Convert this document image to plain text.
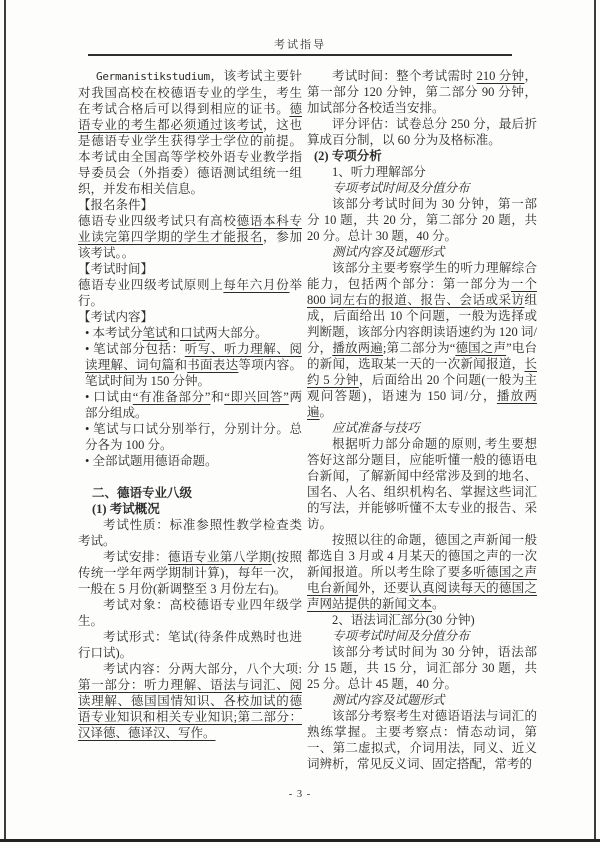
考试指导

Germanistikstudium，该考试主要针对我国高校在校德语专业的学生，考生在考试合格后可以得到相应的证书。德语专业的考生都必须通过该考试，这也是德语专业学生获得学士学位的前提。本考试由全国高等学校外语专业教学指导委员会（外指委）德语测试组统一组织，并发布相关信息。

【报名条件】

德语专业四级考试只有高校德语本科专业读完第四学期的学生才能报名，参加该考试。。

【考试时间】

德语专业四级考试原则上每年六月份举行。

【考试内容】

• 本考试分笔试和口试两大部分。

• 笔试部分包括：听写、听力理解、阅读理解、词句篇和书面表达等项内容。笔试时间为 150 分钟。

• 口试由“有准备部分”和“即兴回答”两部分组成。

• 笔试与口试分别举行，分别计分。总分各为 100 分。

• 全部试题用德语命题。

二、德语专业八级

(1) 考试概况

考试性质：标准参照性教学检查类考试。

考试安排：德语专业第八学期(按照传统一学年两学期制计算)，每年一次，一般在 5 月份(新调整至 3 月份左右)。

考试对象：高校德语专业四年级学生。

考试形式：笔试(待条件成熟时也进行口试)。

考试内容：分两大部分，八个大项:第一部分：听力理解、语法与词汇、阅读理解、德国国情知识、各校加试的德语专业知识和相关专业知识;第二部分：汉译德、德译汉、写作。

考试时间：整个考试需时 210 分钟，第一部分 120 分钟，第二部分 90 分钟，加试部分各校适当安排。

评分评估：试卷总分 250 分，最后折算成百分制，以 60 分为及格标准。

(2) 专项分析

1、听力理解部分

专项考试时间及分值分布

该部分考试时间为 30 分钟，第一部分 10 题，共 20 分，第二部分 20 题，共 20 分。总计 30 题，40 分。

测试内容及试题形式

该部分主要考察学生的听力理解综合能力，包括两个部分：第一部分为一个 800 词左右的报道、报告、会话或采访组成，后面给出 10 个问题，一般为选择或判断题，该部分内容朗读语速约为 120 词/分，播放两遍;第二部分为“德国之声”电台的新闻，选取某一天的一次新闻报道，长约 5 分钟，后面给出 20 个问题(一般为主观问答题)，语速为 150 词/分，播放两遍。

应试准备与技巧

根据听力部分命题的原则, 考生要想答好这部分题目，应能听懂一般的德语电台新闻，了解新闻中经常涉及到的地名、国名、人名、组织机构名、掌握这些词汇的写法，并能够听懂不太专业的报告、采访。

按照以往的命题，德国之声新闻一般都选自 3 月或 4 月某天的德国之声的一次新闻报道。所以考生除了要多听德国之声电台新闻外，还要认真阅读每天的德国之声网站提供的新闻文本。

2、语法词汇部分(30 分钟)

专项考试时间及分值分布

该部分考试时间为 30 分钟，语法部分 15 题，共 15 分，词汇部分 30 题，共 25 分。总计 45 题，40 分。

测试内容及试题形式

该部分考察考生对德语语法与词汇的熟练掌握。主要考察点：情态动词，第一、第二虚拟式，介词用法，同义、近义词辨析，常见反义词、固定搭配，常考的

- 3 -
